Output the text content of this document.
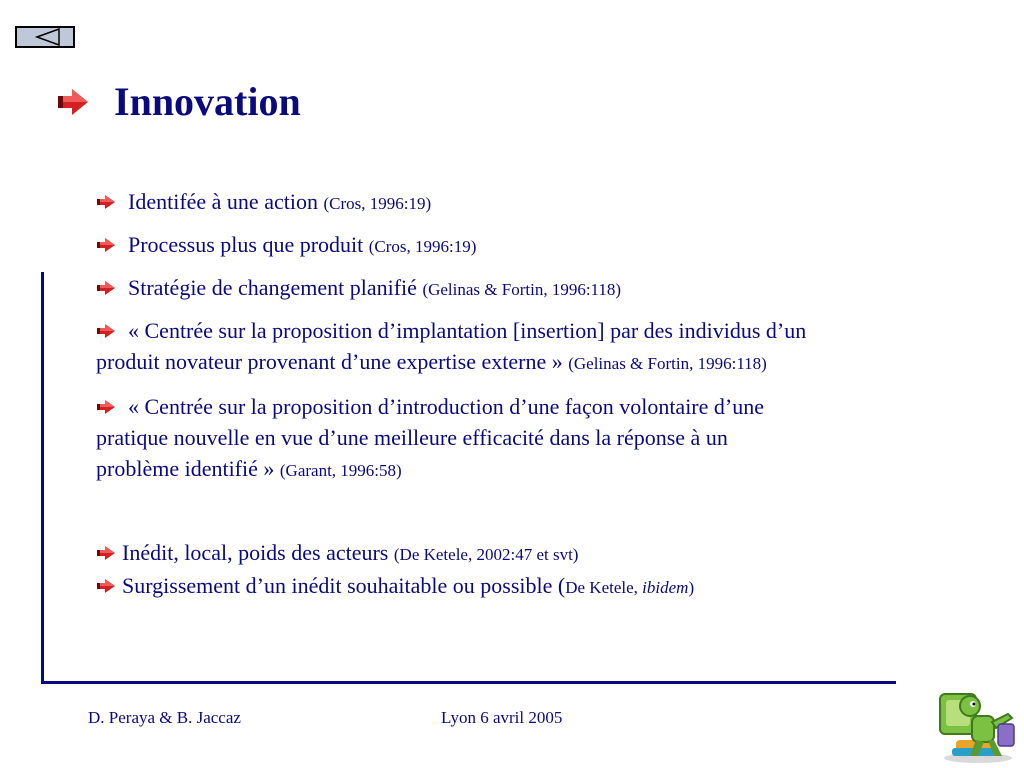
Innovation
Identifée à une action (Cros, 1996:19)
Processus plus que produit (Cros, 1996:19)
Stratégie de changement planifié (Gelinas & Fortin, 1996:118)
« Centrée sur la proposition d’implantation [insertion] par des individus d’un
produit novateur provenant d’une expertise externe » (Gelinas & Fortin, 1996:118)
« Centrée sur la proposition d’introduction d’une façon volontaire d’une
pratique nouvelle en vue d’une meilleure efficacité dans la réponse à un
problème identifié » (Garant, 1996:58)
Inédit, local, poids des acteurs (De Ketele, 2002:47 et svt)
Surgissement d’un inédit souhaitable ou possible (De Ketele, ibidem)
D. Peraya & B. Jaccaz	Lyon 6 avril 2005
